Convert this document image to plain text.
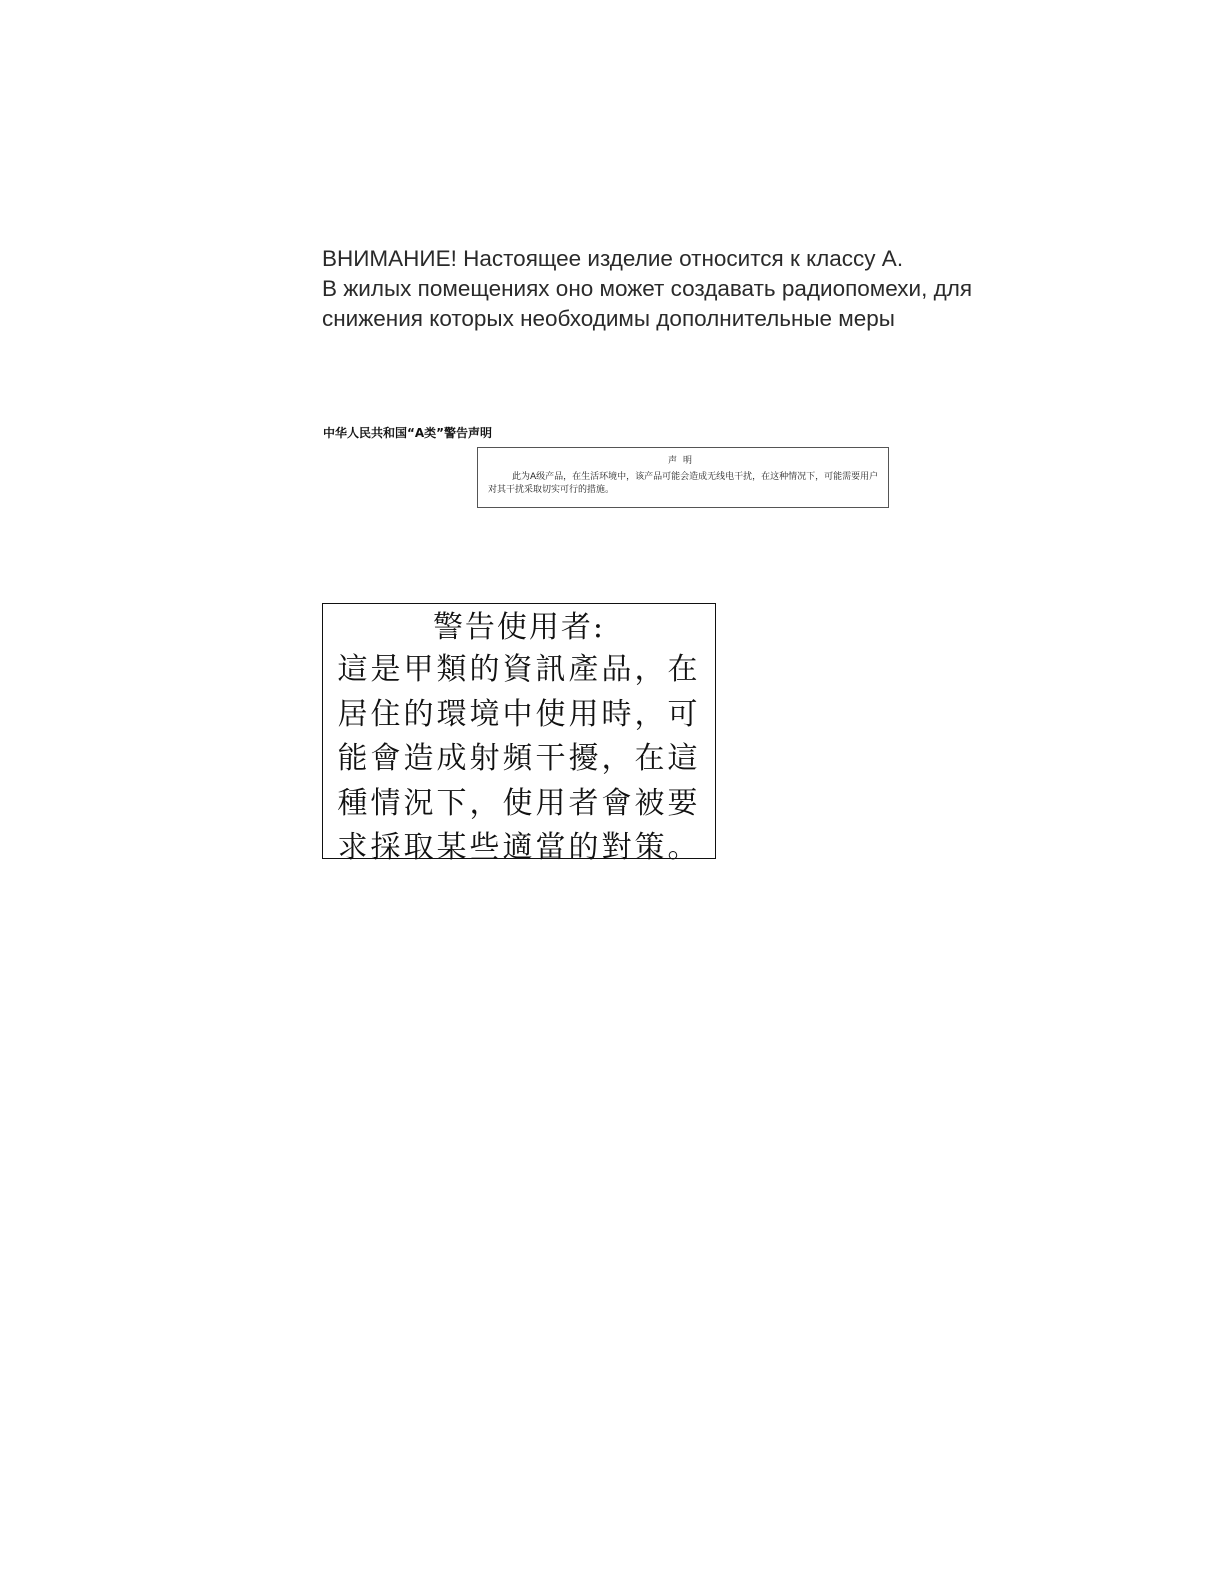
ВНИМАНИЕ! Настоящее изделие относится к классу А.
В жилых помещениях оно может создавать радиопомехи, для
снижения которых необходимы дополнительные меры
中华人民共和国“A类”警告声明
声明
此为A级产品，在生活环境中，该产品可能会造成无线电干扰，在这种情况下，可能需要用户对其干扰采取切实可行的措施。
警告使用者:
這是甲類的資訊產品，在
居住的環境中使用時，可
能會造成射頻干擾，在這
種情況下，使用者會被要
求採取某些適當的對策。
